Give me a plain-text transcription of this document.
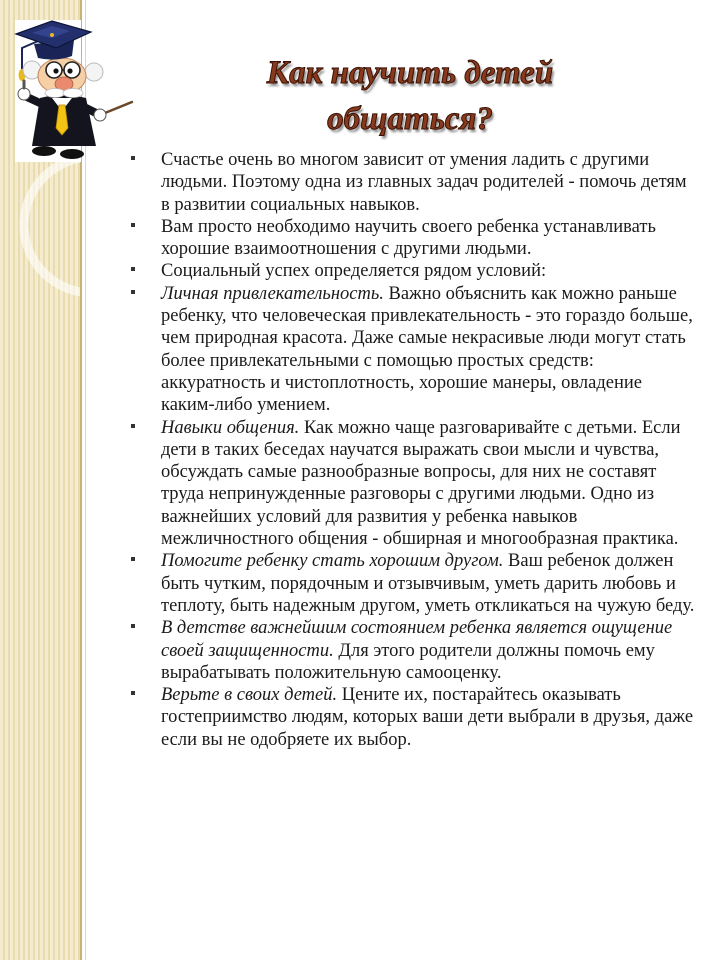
Как научить детей
общаться?
Счастье очень во многом зависит от умения ладить с другими людьми. Поэтому одна из главных задач родителей - помочь детям в развитии социальных навыков.
Вам просто необходимо научить своего ребенка устанавливать хорошие взаимоотношения с другими людьми.
Социальный успех определяется рядом условий:
Личная привлекательность. Важно объяснить как можно раньше ребенку, что человеческая привлекательность - это гораздо больше, чем природная красота. Даже самые некрасивые люди могут стать более привлекательными с помощью простых средств: аккуратность и чистоплотность, хорошие манеры, овладение каким-либо умением.
Навыки общения. Как можно чаще разговаривайте с детьми. Если дети в таких беседах научатся выражать свои мысли и чувства, обсуждать самые разнообразные вопросы, для них не составят труда непринужденные разговоры с другими людьми. Одно из важнейших условий для развития у ребенка навыков межличностного общения - обширная и многообразная практика.
Помогите ребенку стать хорошим другом. Ваш ребенок должен быть чутким, порядочным и отзывчивым, уметь дарить любовь и теплоту, быть надежным другом, уметь откликаться на чужую беду.
В детстве важнейшим состоянием ребенка является ощущение своей защищенности. Для этого родители должны помочь ему вырабатывать положительную самооценку.
Верьте в своих детей. Цените их, постарайтесь оказывать гостеприимство людям, которых ваши дети выбрали в друзья, даже если вы не одобряете их выбор.
